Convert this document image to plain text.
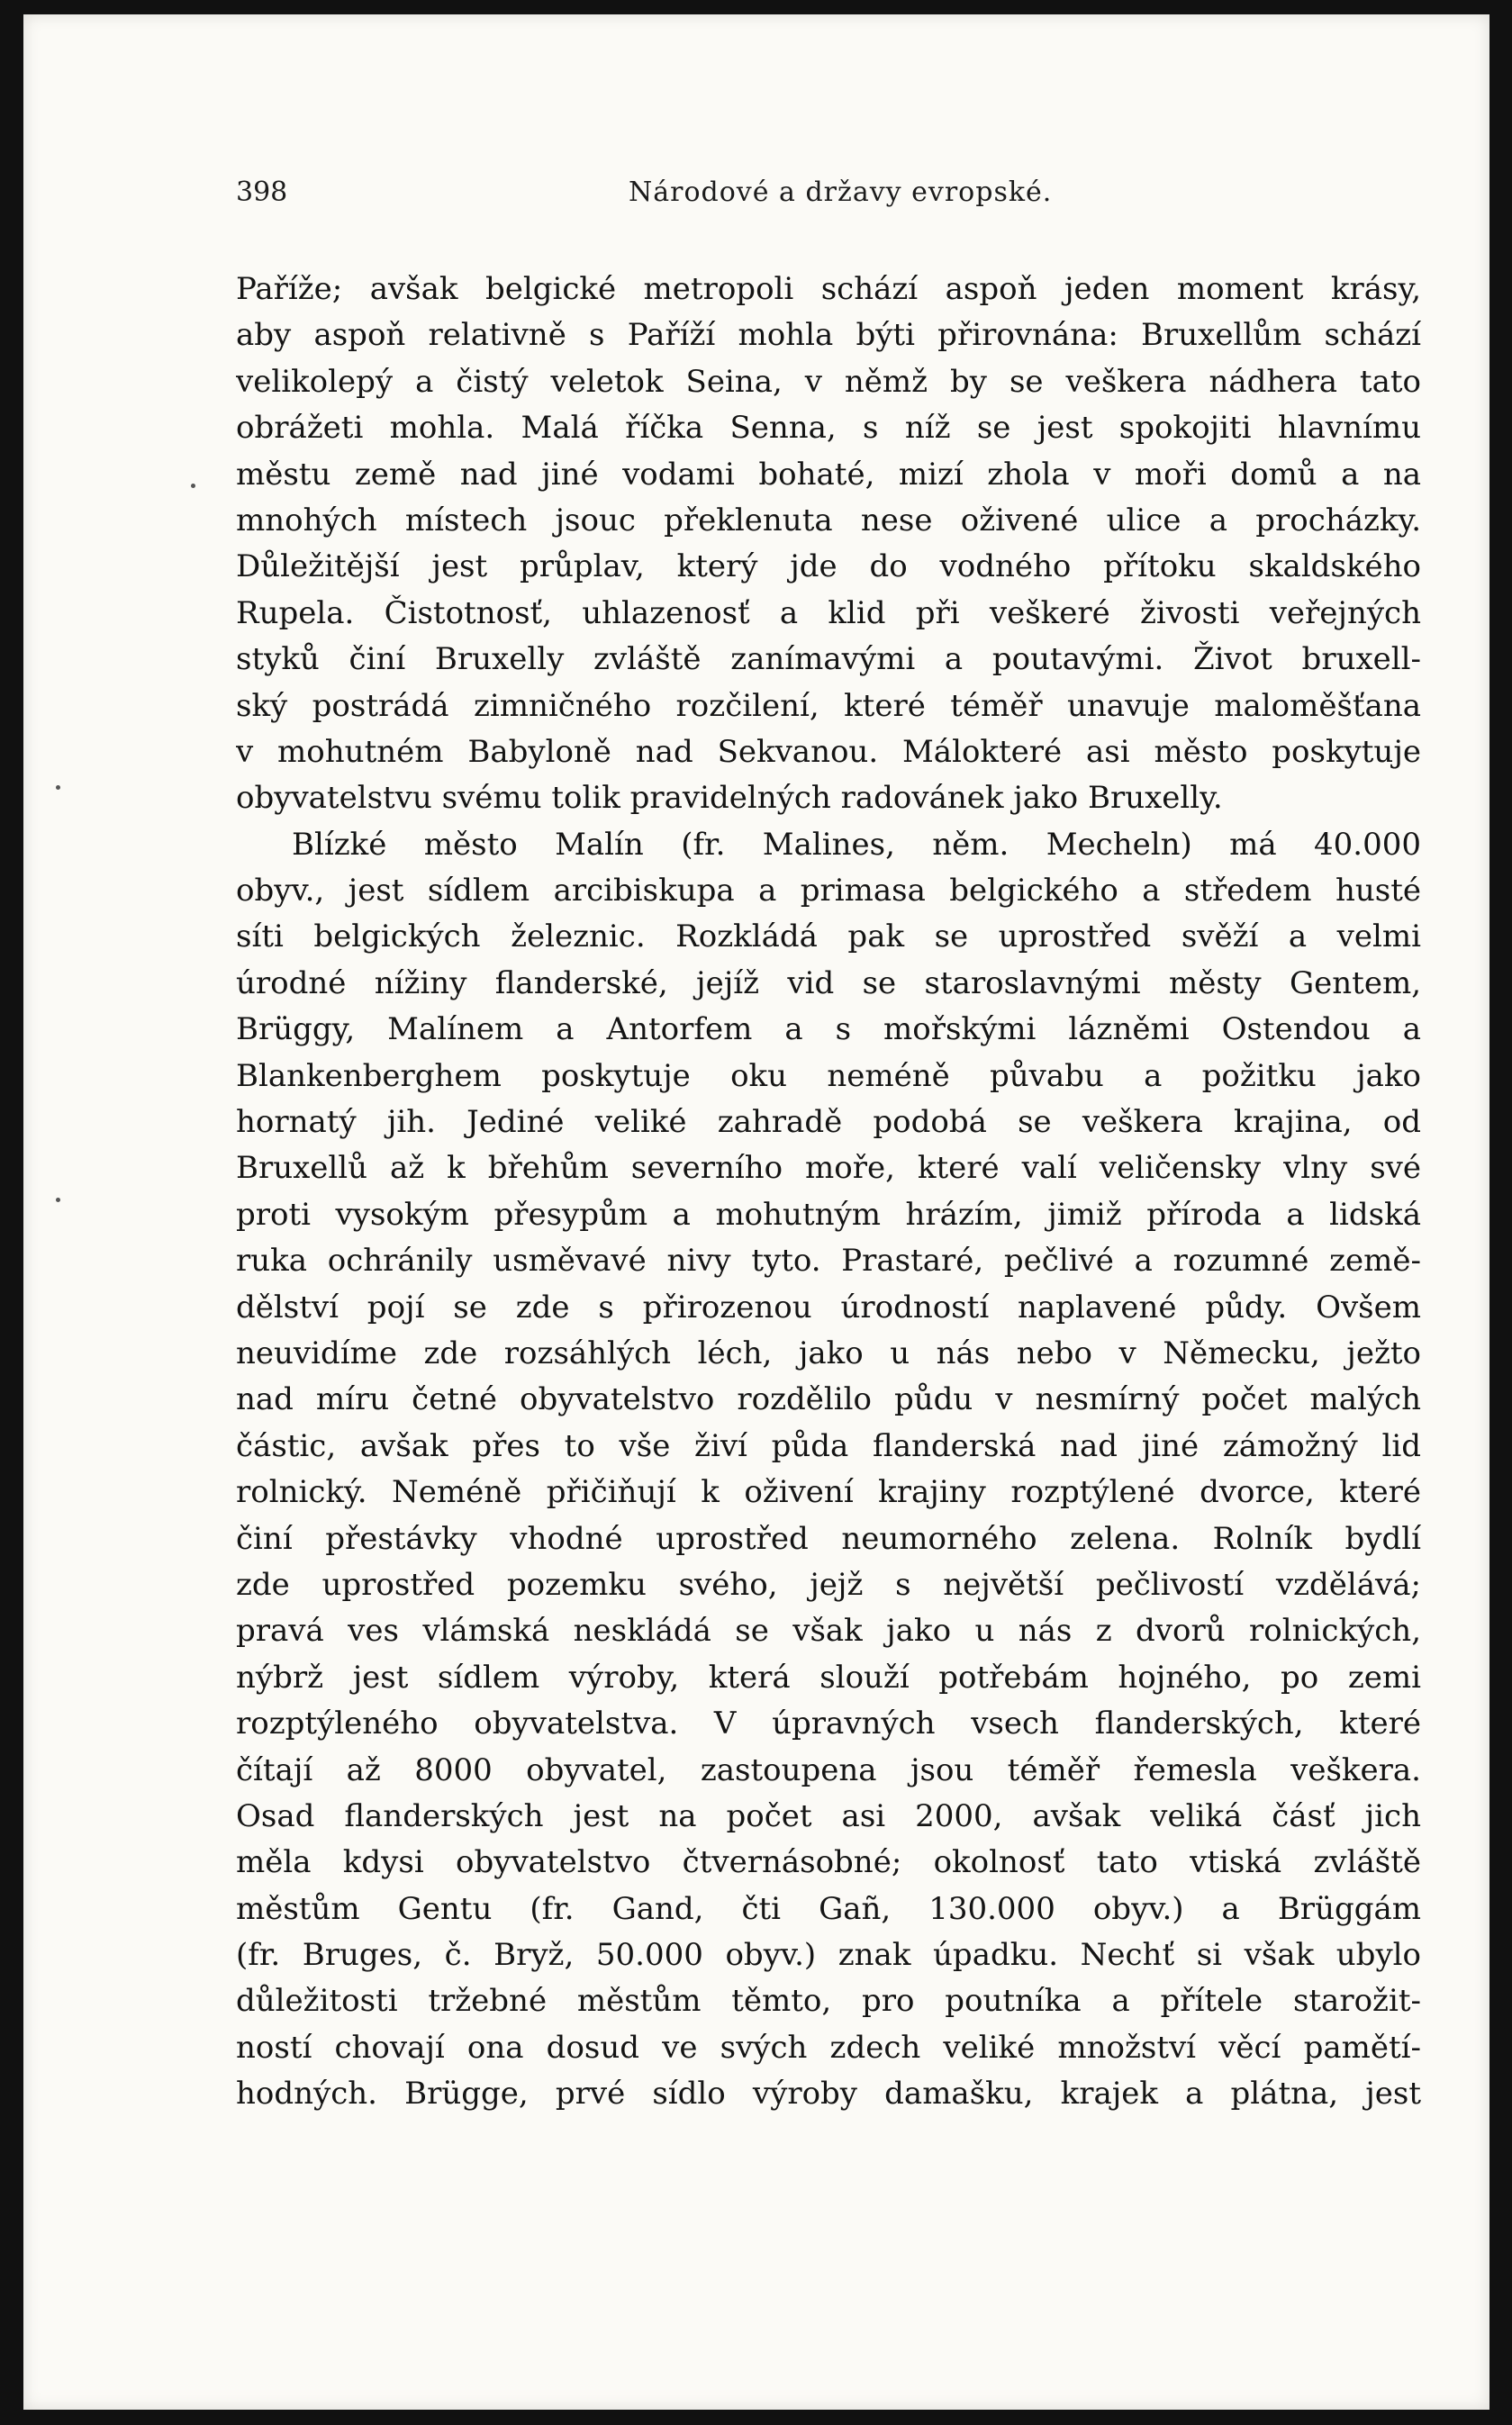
398	Národové a državy evropské.
Paříže; avšak belgické metropoli schází aspoň jeden moment krásy,
aby aspoň relativně s Paříží mohla býti přirovnána: Bruxellům schází
velikolepý a čistý veletok Seina, v němž by se veškera nádhera tato
obrážeti mohla. Malá říčka Senna, s níž se jest spokojiti hlavnímu
městu země nad jiné vodami bohaté, mizí zhola v moři domů a na
mnohých místech jsouc překlenuta nese oživené ulice a procházky.
Důležitější jest průplav, který jde do vodného přítoku skaldského
Rupela. Čistotnosť, uhlazenosť a klid při veškeré živosti veřejných
styků činí Bruxelly zvláště zanímavými a poutavými. Život bruxell-
ský postrádá zimničného rozčilení, které téměř unavuje maloměšťana
v mohutném Babyloně nad Sekvanou. Málokteré asi město poskytuje
obyvatelstvu svému tolik pravidelných radovánek jako Bruxelly.
Blízké město Malín (fr. Malines, něm. Mecheln) má 40.000
obyv., jest sídlem arcibiskupa a primasa belgického a středem husté
síti belgických železnic. Rozkládá pak se uprostřed svěží a velmi
úrodné nížiny flanderské, jejíž vid se staroslavnými městy Gentem,
Brüggy, Malínem a Antorfem a s mořskými lázněmi Ostendou a
Blankenberghem poskytuje oku neméně půvabu a požitku jako
hornatý jih. Jediné veliké zahradě podobá se veškera krajina, od
Bruxellů až k břehům severního moře, které valí veličensky vlny své
proti vysokým přesypům a mohutným hrázím, jimiž příroda a lidská
ruka ochránily usměvavé nivy tyto. Prastaré, pečlivé a rozumné země-
dělství pojí se zde s přirozenou úrodností naplavené půdy. Ovšem
neuvidíme zde rozsáhlých léch, jako u nás nebo v Německu, ježto
nad míru četné obyvatelstvo rozdělilo půdu v nesmírný počet malých
částic, avšak přes to vše živí půda flanderská nad jiné zámožný lid
rolnický. Neméně přičiňují k oživení krajiny rozptýlené dvorce, které
činí přestávky vhodné uprostřed neumorného zelena. Rolník bydlí
zde uprostřed pozemku svého, jejž s největší pečlivostí vzdělává;
pravá ves vlámská neskládá se však jako u nás z dvorů rolnických,
nýbrž jest sídlem výroby, která slouží potřebám hojného, po zemi
rozptýleného obyvatelstva. V úpravných vsech flanderských, které
čítají až 8000 obyvatel, zastoupena jsou téměř řemesla veškera.
Osad flanderských jest na počet asi 2000, avšak veliká čásť jich
měla kdysi obyvatelstvo čtvernásobné; okolnosť tato vtiská zvláště
městům Gentu (fr. Gand, čti Gañ, 130.000 obyv.) a Brüggám
(fr. Bruges, č. Bryž, 50.000 obyv.) znak úpadku. Nechť si však ubylo
důležitosti tržebné městům těmto, pro poutníka a přítele starožit-
ností chovají ona dosud ve svých zdech veliké množství věcí pamětí-
hodných. Brügge, prvé sídlo výroby damašku, krajek a plátna, jest
